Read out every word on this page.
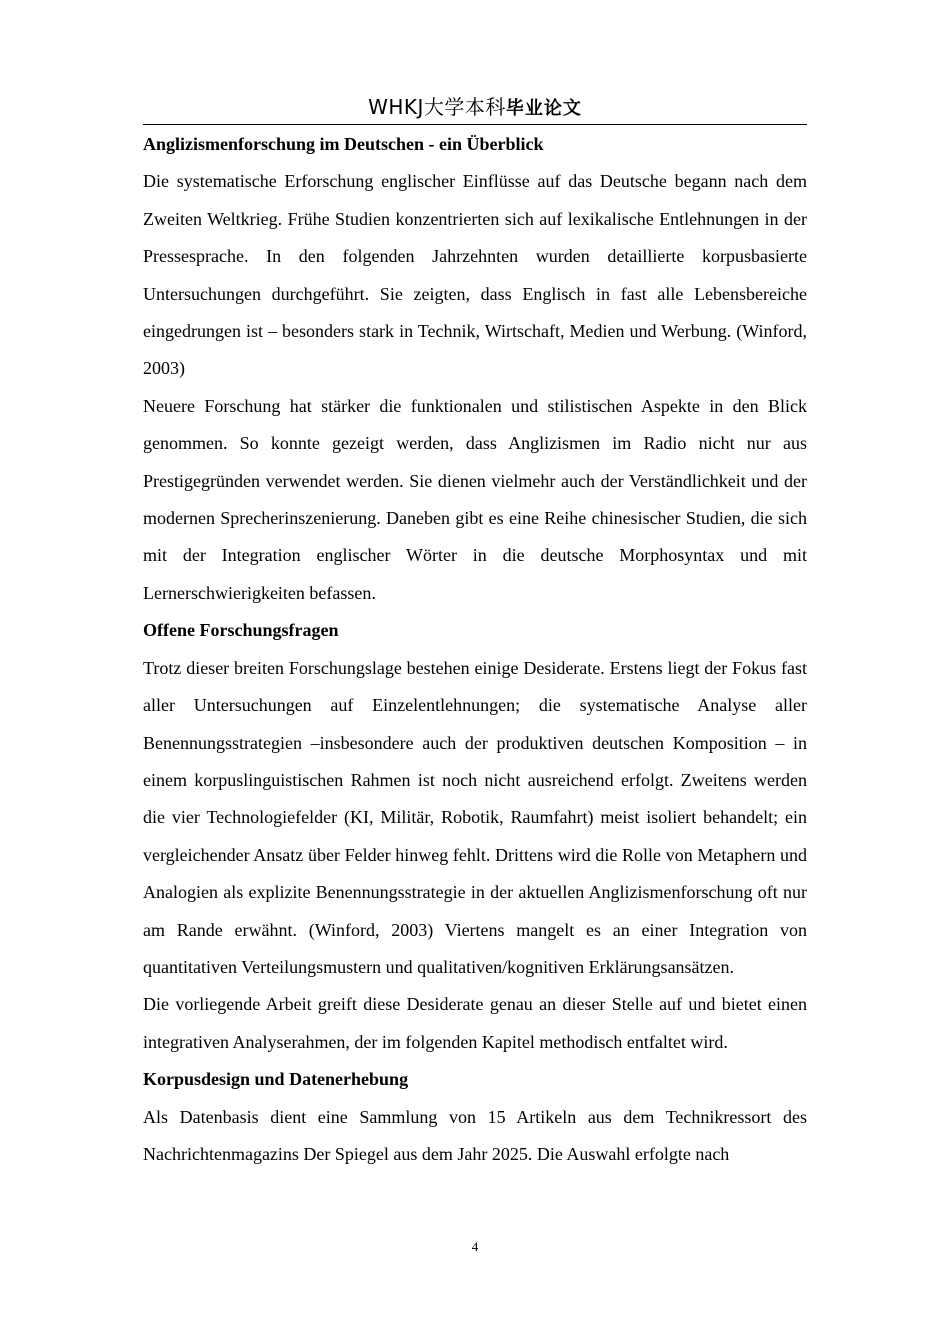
WHKJ大学本科毕业论文
Anglizismenforschung im Deutschen - ein Überblick

Die systematische Erforschung englischer Einflüsse auf das Deutsche begann nach dem Zweiten Weltkrieg. Frühe Studien konzentrierten sich auf lexikalische Entlehnungen in der Pressesprache. In den folgenden Jahrzehnten wurden detaillierte korpusbasierte Untersuchungen durchgeführt. Sie zeigten, dass Englisch in fast alle Lebensbereiche eingedrungen ist – besonders stark in Technik, Wirtschaft, Medien und Werbung. (Winford, 2003)

Neuere Forschung hat stärker die funktionalen und stilistischen Aspekte in den Blick genommen. So konnte gezeigt werden, dass Anglizismen im Radio nicht nur aus Prestigegründen verwendet werden. Sie dienen vielmehr auch der Verständlichkeit und der modernen Sprecherinszenierung. Daneben gibt es eine Reihe chinesischer Studien, die sich mit der Integration englischer Wörter in die deutsche Morphosyntax und mit Lernerschwierigkeiten befassen.

Offene Forschungsfragen

Trotz dieser breiten Forschungslage bestehen einige Desiderate. Erstens liegt der Fokus fast aller Untersuchungen auf Einzelentlehnungen; die systematische Analyse aller Benennungsstrategien –insbesondere auch der produktiven deutschen Komposition – in einem korpuslinguistischen Rahmen ist noch nicht ausreichend erfolgt. Zweitens werden die vier Technologiefelder (KI, Militär, Robotik, Raumfahrt) meist isoliert behandelt; ein vergleichender Ansatz über Felder hinweg fehlt. Drittens wird die Rolle von Metaphern und Analogien als explizite Benennungsstrategie in der aktuellen Anglizismenforschung oft nur am Rande erwähnt. (Winford, 2003) Viertens mangelt es an einer Integration von quantitativen Verteilungsmustern und qualitativen/kognitiven Erklärungsansätzen.

Die vorliegende Arbeit greift diese Desiderate genau an dieser Stelle auf und bietet einen integrativen Analyserahmen, der im folgenden Kapitel methodisch entfaltet wird.

Korpusdesign und Datenerhebung

Als Datenbasis dient eine Sammlung von 15 Artikeln aus dem Technikressort des Nachrichtenmagazins Der Spiegel aus dem Jahr 2025. Die Auswahl erfolgte nach

4
